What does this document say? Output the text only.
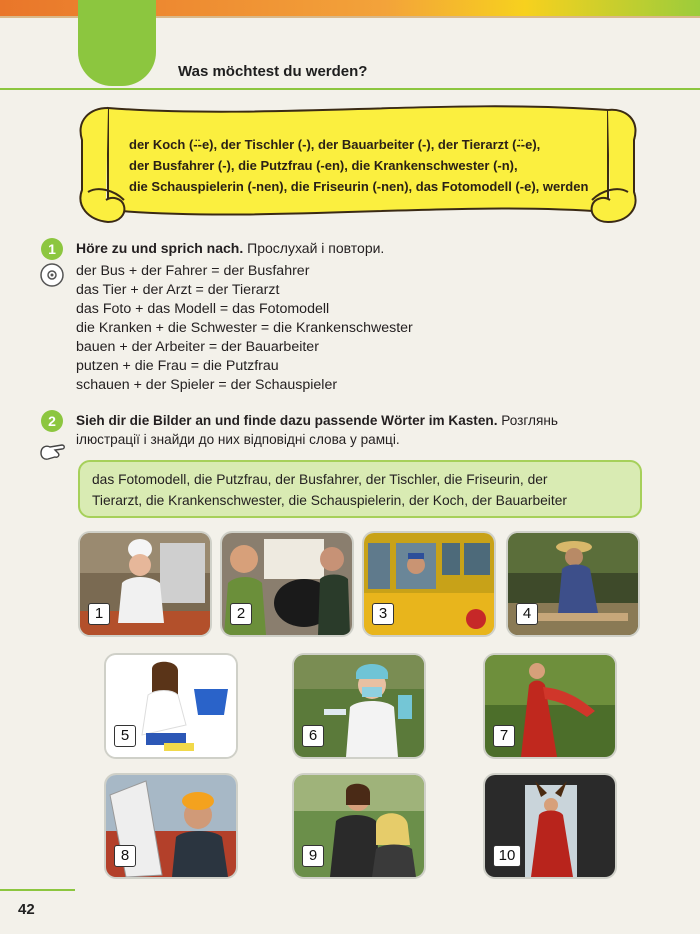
Was möchtest du werden?

der Koch (-̈-e), der Tischler (-), der Bauarbeiter (-), der Tierarzt (-̈-e),
der Busfahrer (-), die Putzfrau (-en), die Krankenschwester (-n),
die Schauspielerin (-nen), die Friseurin (-nen), das Fotomodell (-e), werden

1	Höre zu und sprich nach. Прослухай і повтори.

der Bus + der Fahrer = der Busfahrer
das Tier + der Arzt = der Tierarzt
das Foto + das Modell = das Fotomodell
die Kranken + die Schwester = die Krankenschwester
bauen + der Arbeiter = der Bauarbeiter
putzen + die Frau = die Putzfrau
schauen + der Spieler = der Schauspieler
2	Sieh dir die Bilder an und finde dazu passende Wörter im Kasten. Розглянь

ілюстрації і знайди до них відповідні слова у рамці.

das Fotomodell, die Putzfrau, der Busfahrer, der Tischler, die Friseurin, der
Tierarzt, die Krankenschwester, die Schauspielerin, der Koch, der Bauarbeiter
1	2	3	4
5	6	7
8	9	10

42
